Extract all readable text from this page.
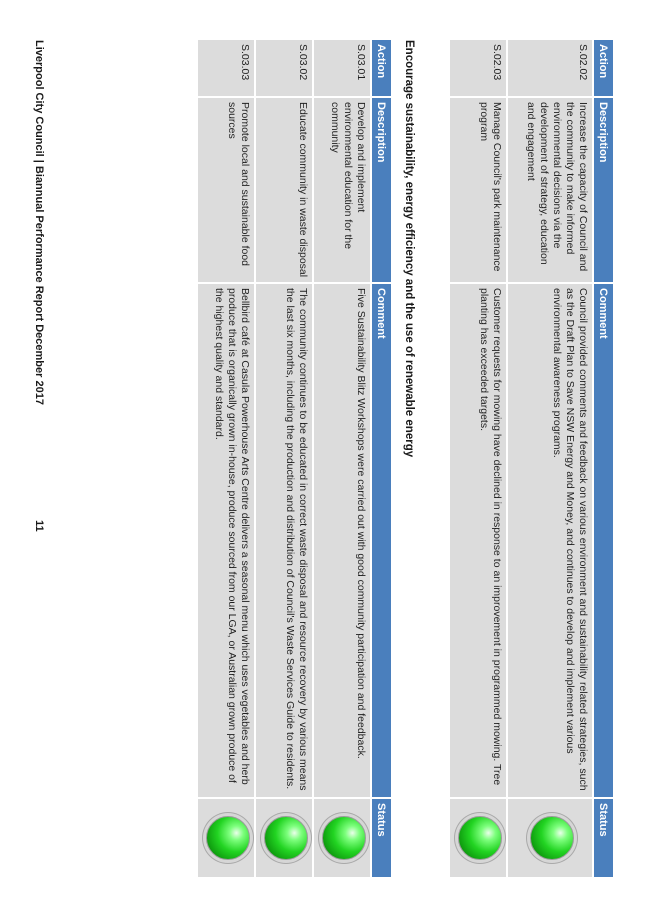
Action	Description	Comment	Status
S.02.02	Increase the capacity of Council and the community to make informed environmental decisions via the development of strategy, education and engagement	Council provided comments and feedback on various environment and sustainability related strategies, such as the Draft Plan to Save NSW Energy and Money, and continues to develop and implement various environmental awareness programs.	
S.02.03	Manage Council's park maintenance program	Customer requests for mowing have declined in response to an improvement in programmed mowing. Tree planting has exceeded targets.	
Encourage sustainability, energy efficiency and the use of renewable energy
Action	Description	Comment	Status
S.03.01	Develop and implement environmental education for the community	Five Sustainability Blitz Workshops were carried out with good community participation and feedback.	
S.03.02	Educate community in waste disposal	The community continues to be educated in correct waste disposal and resource recovery by various means the last six months, including the production and distribution of Council's Waste Services Guide to residents.	
S.03.03	Promote local and sustainable food sources	Bellbird café at Casula Powerhouse Arts Centre delivers a seasonal menu which uses vegetables and herb produce that is organically grown in-house, produce sourced from our LGA, or Australian grown produce of the highest quality and standard.	
Liverpool City Council | Biannual Performance Report December 2017
11
